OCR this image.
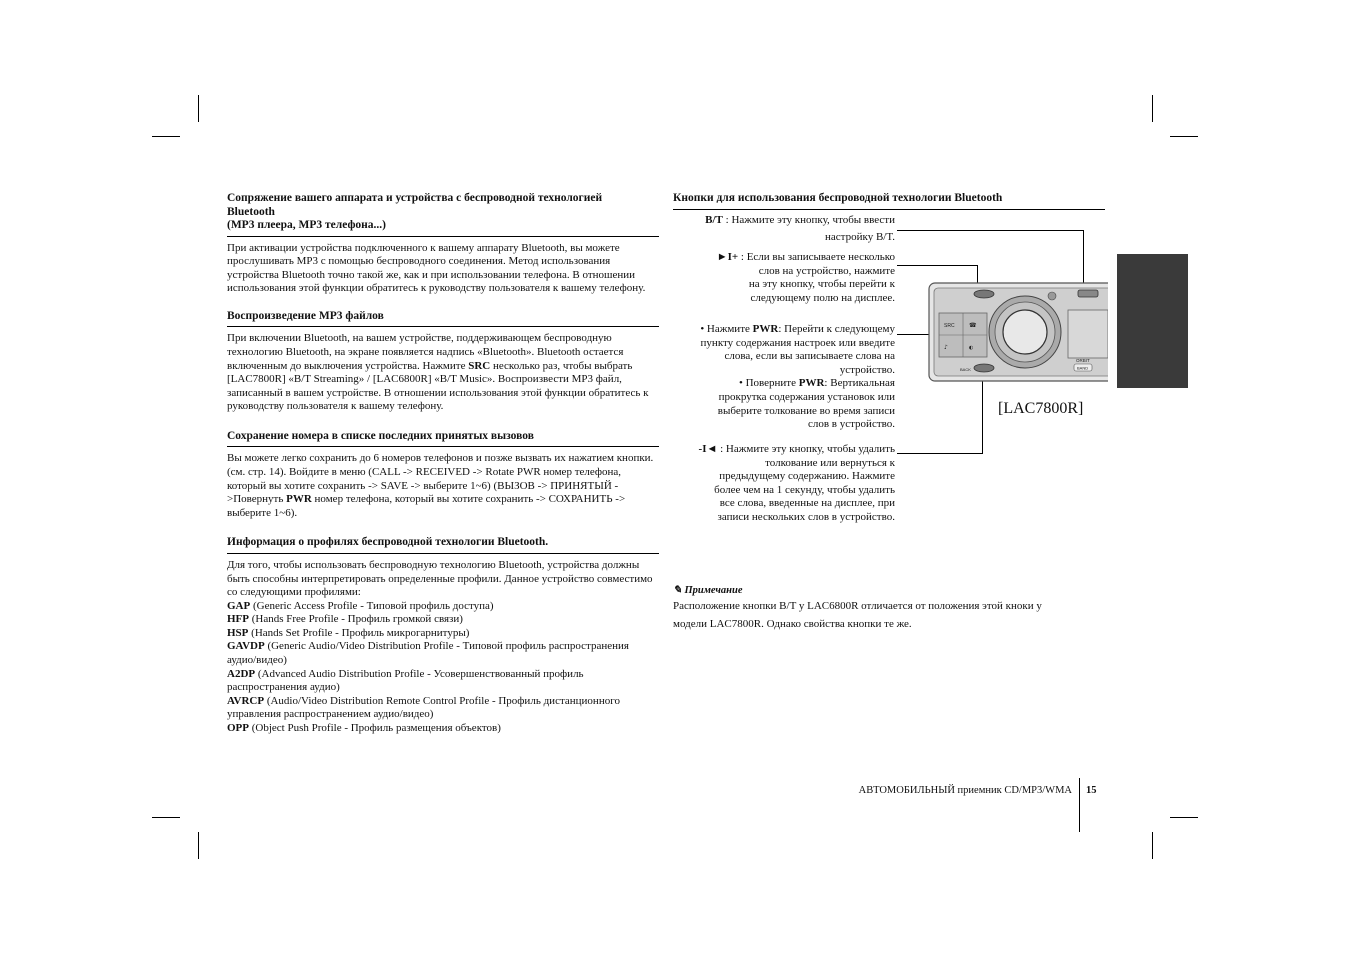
Сопряжение вашего аппарата и устройства с беспроводной технологией
Bluetooth
(MP3 плеера, MP3 телефона...)

При активации устройства подключенного к вашему аппарату Bluetooth, вы можете прослушивать MP3 с помощью беспроводного соединения. Метод использования устройства Bluetooth точно такой же, как и при использовании телефона. В отношении использования этой функции обратитесь к руководству пользователя к вашему телефону.

Воспроизведение MP3 файлов

При включении Bluetooth, на вашем устройстве, поддерживающем беспроводную технологию Bluetooth, на экране появляется надпись «Bluetooth». Bluetooth остается включенным до выключения устройства. Нажмите SRC несколько раз, чтобы выбрать [LAC7800R] «B/T Streaming» / [LAC6800R] «B/T Music». Воспроизвести MP3 файл, записанный в вашем устройстве. В отношении использования этой функции обратитесь к руководству пользователя к вашему телефону.

Сохранение номера в списке последних принятых вызовов

Вы можете легко сохранить до 6 номеров телефонов и позже вызвать их нажатием кнопки. (см. стр. 14). Войдите в меню (CALL -> RECEIVED -> Rotate PWR номер телефона, который вы хотите сохранить -> SAVE -> выберите 1~6) (ВЫЗОВ -> ПРИНЯТЫЙ ->Повернуть PWR номер телефона, который вы хотите сохранить -> СОХРАНИТЬ -> выберите 1~6).

Информация о профилях беспроводной технологии Bluetooth.

Для того, чтобы использовать беспроводную технологию Bluetooth, устройства должны быть способны интерпретировать определенные профили. Данное устройство совместимо со следующими профилями:

GAP (Generic Access Profile - Типовой профиль доступа)
HFP (Hands Free Profile - Профиль громкой связи)
HSP (Hands Set Profile - Профиль микрогарнитуры)
GAVDP (Generic Audio/Video Distribution Profile - Типовой профиль распространения аудио/видео)
A2DP (Advanced Audio Distribution Profile - Усовершенствованный профиль распространения аудио)
AVRCP (Audio/Video Distribution Remote Control Profile - Профиль дистанционного управления распространением аудио/видео)
OPP (Object Push Profile - Профиль размещения объектов)
Кнопки для использования беспроводной технологии Bluetooth
B/T : Нажмите эту кнопку, чтобы ввести
настройку B/T.
►I+ : Если вы записываете несколько
слов на устройство, нажмите
на эту кнопку, чтобы перейти к
следующему полю на дисплее.
• Нажмите PWR: Перейти к следующему
пункту содержания настроек или введите
слова, если вы записываете слова на
устройство.
• Поверните PWR: Вертикальная
прокрутка содержания установок или
выберите толкование во время записи
слов в устройство.
-I◄ : Нажмите эту кнопку, чтобы удалить
толкование или вернуться к
предыдущему содержанию. Нажмите
более чем на 1 секунду, чтобы удалить
все слова, введенные на дисплее, при
записи нескольких слов в устройство.
SRC ☎
♪	◐
ORBIT
BAND
BACK
[LAC7800R]
✎ Примечание
Расположение кнопки B/T у LAC6800R отличается от положения этой кноки у
модели LAC7800R. Однако свойства кнопки те же.
АВТОМОБИЛЬНЫЙ приемник CD/MP3/WMA 15
